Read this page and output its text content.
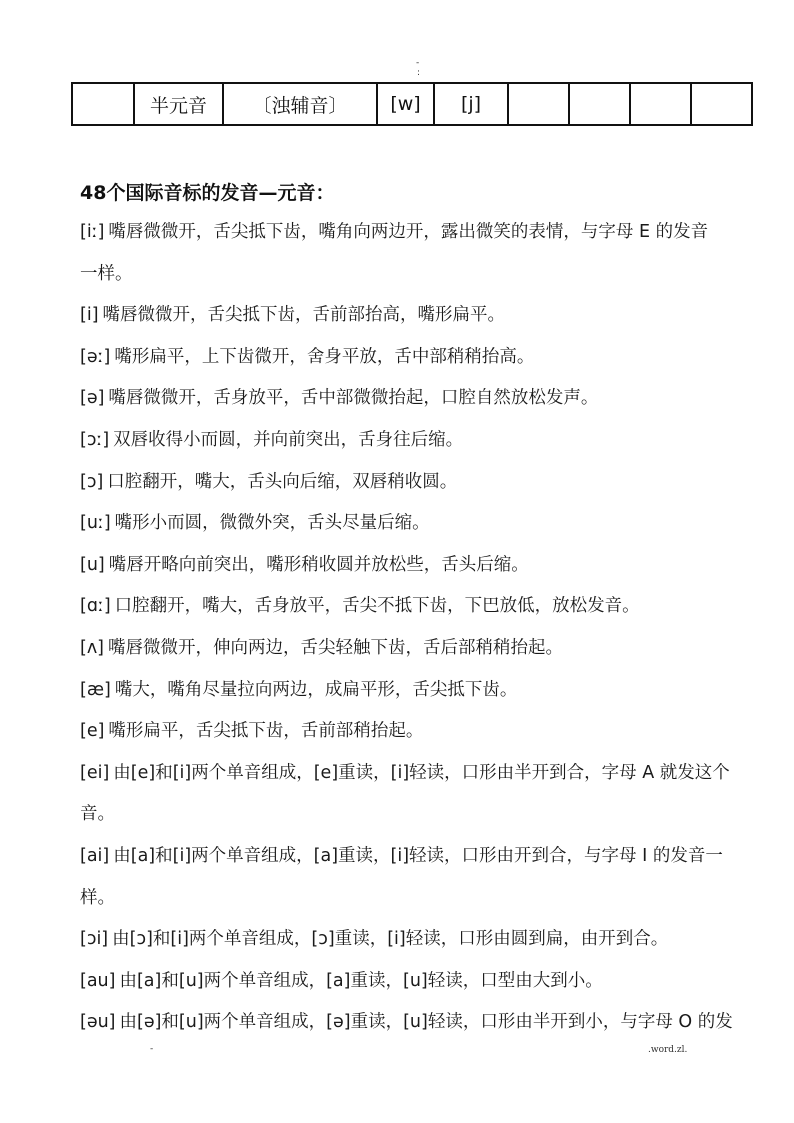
-
:
	半元音	〔浊辅音〕	[w]	[j]				
48个国际音标的发音—元音：
[iː] 嘴唇微微开，舌尖抵下齿，嘴角向两边开，露出微笑的表情，与字母 E 的发音
一样。
[i] 嘴唇微微开，舌尖抵下齿，舌前部抬高，嘴形扁平。
[əː] 嘴形扁平，上下齿微开，舍身平放，舌中部稍稍抬高。
[ə] 嘴唇微微开，舌身放平，舌中部微微抬起，口腔自然放松发声。
[ɔː] 双唇收得小而圆，并向前突出，舌身往后缩。
[ɔ] 口腔翻开，嘴大，舌头向后缩，双唇稍收圆。
[uː] 嘴形小而圆，微微外突，舌头尽量后缩。
[u] 嘴唇开略向前突出，嘴形稍收圆并放松些，舌头后缩。
[ɑː] 口腔翻开，嘴大，舌身放平，舌尖不抵下齿，下巴放低，放松发音。
[ʌ] 嘴唇微微开，伸向两边，舌尖轻触下齿，舌后部稍稍抬起。
[æ] 嘴大，嘴角尽量拉向两边，成扁平形，舌尖抵下齿。
[e] 嘴形扁平，舌尖抵下齿，舌前部稍抬起。
[ei] 由[e]和[i]两个单音组成，[e]重读，[i]轻读，口形由半开到合，字母 A 就发这个
音。
[ai] 由[a]和[i]两个单音组成，[a]重读，[i]轻读，口形由开到合，与字母 I 的发音一
样。
[ɔi] 由[ɔ]和[i]两个单音组成，[ɔ]重读，[i]轻读，口形由圆到扁，由开到合。
[au] 由[a]和[u]两个单音组成，[a]重读，[u]轻读，口型由大到小。
[əu] 由[ə]和[u]两个单音组成，[ə]重读，[u]轻读，口形由半开到小，与字母 O 的发
-	.word.zl.
